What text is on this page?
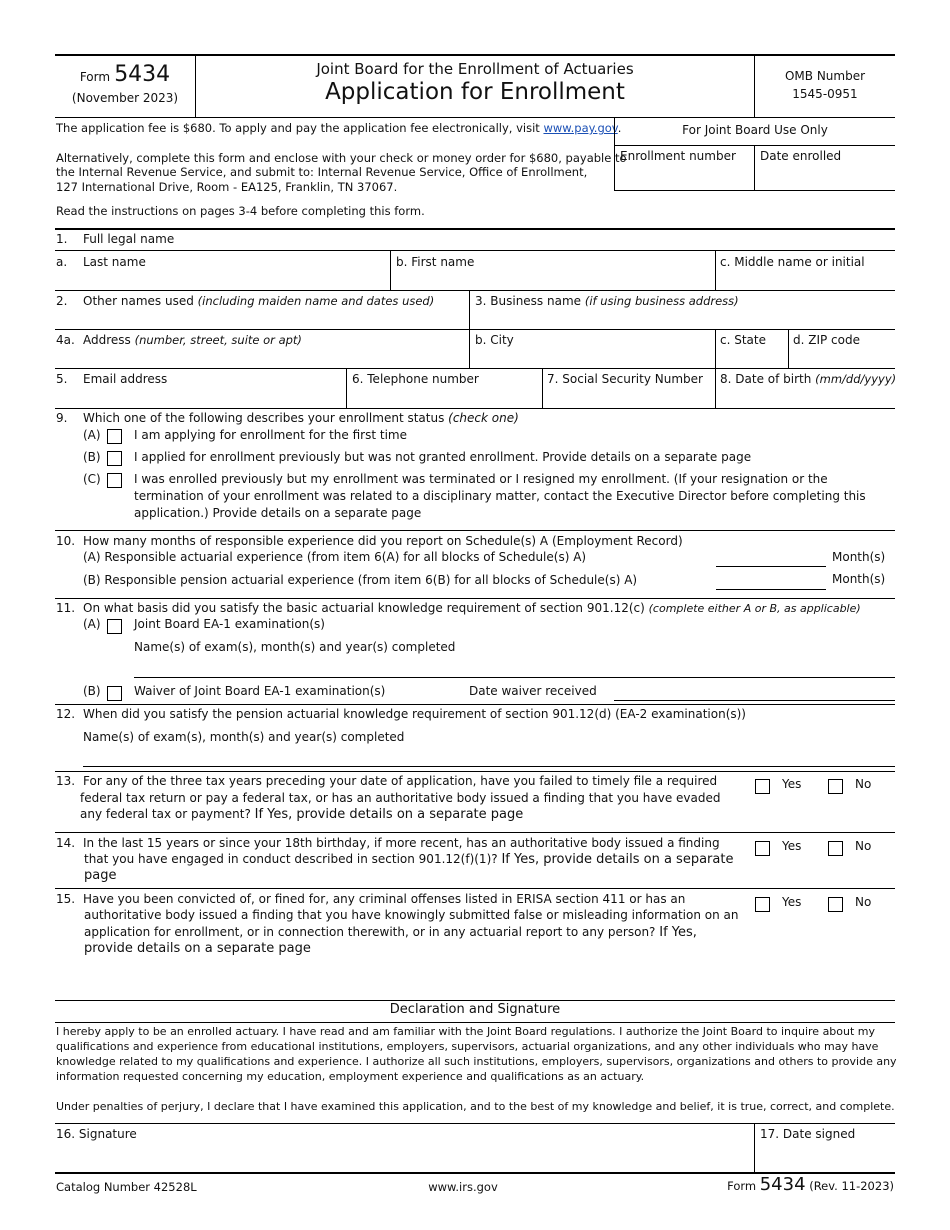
Form 5434
(November 2023)
Joint Board for the Enrollment of Actuaries
Application for Enrollment
OMB Number
1545-0951
The application fee is $680. To apply and pay the application fee electronically, visit www.pay.gov.
Alternatively, complete this form and enclose with your check or money order for $680, payable to
the Internal Revenue Service, and submit to: Internal Revenue Service, Office of Enrollment,
127 International Drive, Room - EA125, Franklin, TN 37067.
Read the instructions on pages 3-4 before completing this form.
For Joint Board Use Only
Enrollment number Date enrolled
1. Full legal name
a. Last name	b. First name	c. Middle name or initial
2. Other names used (including maiden name and dates used)	3. Business name (if using business address)
4a. Address (number, street, suite or apt)	b. City	c. State d. ZIP code
5. Email address	6. Telephone number	7. Social Security Number 8. Date of birth (mm/dd/yyyy)
9. Which one of the following describes your enrollment status (check one)
(A)	I am applying for enrollment for the first time
(B)	I applied for enrollment previously but was not granted enrollment. Provide details on a separate page
(C)	I was enrolled previously but my enrollment was terminated or I resigned my enrollment. (If your resignation or the
termination of your enrollment was related to a disciplinary matter, contact the Executive Director before completing this
application.) Provide details on a separate page
10. How many months of responsible experience did you report on Schedule(s) A (Employment Record)
(A) Responsible actuarial experience (from item 6(A) for all blocks of Schedule(s) A)	Month(s)
(B) Responsible pension actuarial experience (from item 6(B) for all blocks of Schedule(s) A)	Month(s)
11. On what basis did you satisfy the basic actuarial knowledge requirement of section 901.12(c) (complete either A or B, as applicable)
(A)	Joint Board EA-1 examination(s)
Name(s) of exam(s), month(s) and year(s) completed
(B)	Waiver of Joint Board EA-1 examination(s)	Date waiver received
12. When did you satisfy the pension actuarial knowledge requirement of section 901.12(d) (EA-2 examination(s))
Name(s) of exam(s), month(s) and year(s) completed
13. For any of the three tax years preceding your date of application, have you failed to timely file a required
federal tax return or pay a federal tax, or has an authoritative body issued a finding that you have evaded
any federal tax or payment? If Yes, provide details on a separate page
Yes	No
14. In the last 15 years or since your 18th birthday, if more recent, has an authoritative body issued a finding
that you have engaged in conduct described in section 901.12(f)(1)? If Yes, provide details on a separate
page
Yes	No
15. Have you been convicted of, or fined for, any criminal offenses listed in ERISA section 411 or has an
authoritative body issued a finding that you have knowingly submitted false or misleading information on an
application for enrollment, or in connection therewith, or in any actuarial report to any person? If Yes,
provide details on a separate page
Yes	No
Declaration and Signature
I hereby apply to be an enrolled actuary. I have read and am familiar with the Joint Board regulations. I authorize the Joint Board to inquire about my
qualifications and experience from educational institutions, employers, supervisors, actuarial organizations, and any other individuals who may have
knowledge related to my qualifications and experience. I authorize all such institutions, employers, supervisors, organizations and others to provide any
information requested concerning my education, employment experience and qualifications as an actuary.
Under penalties of perjury, I declare that I have examined this application, and to the best of my knowledge and belief, it is true, correct, and complete.
16. Signature	17. Date signed
Catalog Number 42528L	www.irs.gov	Form 5434 (Rev. 11-2023)
